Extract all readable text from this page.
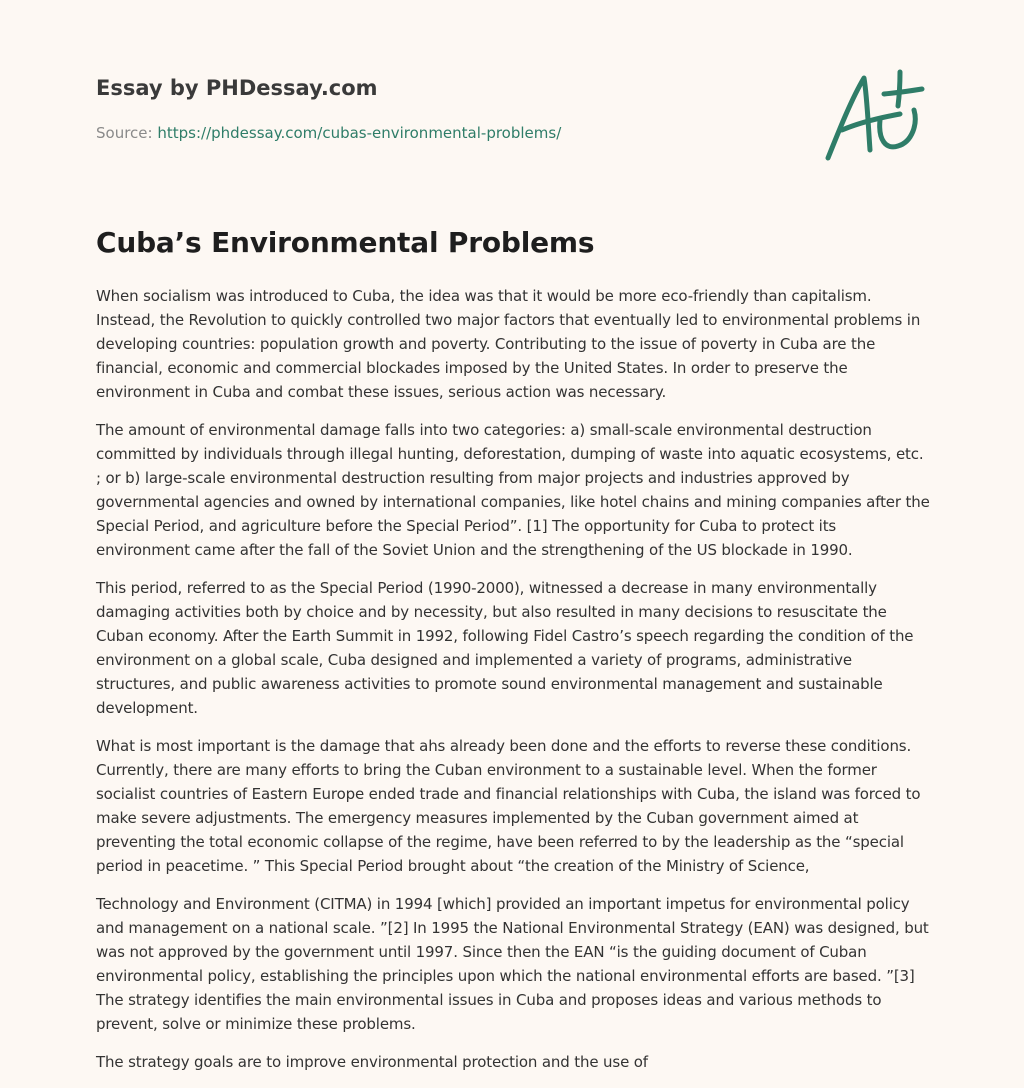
Essay by PHDessay.com
Source: https://phdessay.com/cubas-environmental-problems/
Cuba’s Environmental Problems

When socialism was introduced to Cuba, the idea was that it would be more eco-friendly than capitalism. Instead, the Revolution to quickly controlled two major factors that eventually led to environmental problems in developing countries: population growth and poverty. Contributing to the issue of poverty in Cuba are the financial, economic and commercial blockades imposed by the United States. In order to preserve the environment in Cuba and combat these issues, serious action was necessary.

The amount of environmental damage falls into two categories: a) small-scale environmental destruction committed by individuals through illegal hunting, deforestation, dumping of waste into aquatic ecosystems, etc. ; or b) large-scale environmental destruction resulting from major projects and industries approved by governmental agencies and owned by international companies, like hotel chains and mining companies after the Special Period, and agriculture before the Special Period”. [1] The opportunity for Cuba to protect its environment came after the fall of the Soviet Union and the strengthening of the US blockade in 1990.

This period, referred to as the Special Period (1990-2000), witnessed a decrease in many environmentally damaging activities both by choice and by necessity, but also resulted in many decisions to resuscitate the Cuban economy. After the Earth Summit in 1992, following Fidel Castro’s speech regarding the condition of the environment on a global scale, Cuba designed and implemented a variety of programs, administrative structures, and public awareness activities to promote sound environmental management and sustainable development.

What is most important is the damage that ahs already been done and the efforts to reverse these conditions. Currently, there are many efforts to bring the Cuban environment to a sustainable level. When the former socialist countries of Eastern Europe ended trade and financial relationships with Cuba, the island was forced to make severe adjustments. The emergency measures implemented by the Cuban government aimed at preventing the total economic collapse of the regime, have been referred to by the leadership as the “special period in peacetime. ” This Special Period brought about “the creation of the Ministry of Science,

Technology and Environment (CITMA) in 1994 [which] provided an important impetus for environmental policy and management on a national scale. ”[2] In 1995 the National Environmental Strategy (EAN) was designed, but was not approved by the government until 1997. Since then the EAN “is the guiding document of Cuban environmental policy, establishing the principles upon which the national environmental efforts are based. ”[3] The strategy identifies the main environmental issues in Cuba and proposes ideas and various methods to prevent, solve or minimize these problems.

The strategy goals are to improve environmental protection and the use of
